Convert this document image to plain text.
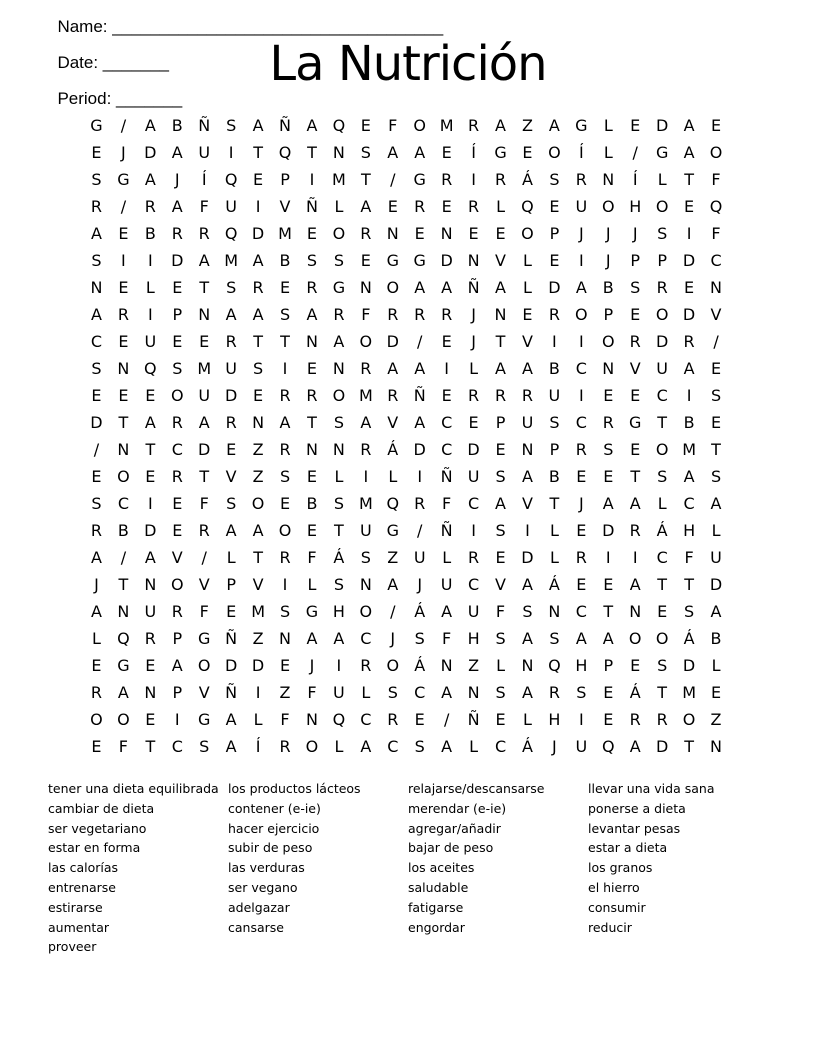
Name: ___________________________________

Date: _______

Period: _______

La Nutrición
G	/	A B Ñ S	A Ñ A Q E	F	O M R A Z A G	L	E D A	E
E	J	D A U	I	T Q T	N S	A A	E	Í	G E O	Í	L	/	G A O
S G A	J	Í	Q E	P	I	M T	/	G R	I	R Á	S	R N	Í	L	T	F
R	/	R A	F	U	I	V Ñ	L	A	E	R	E	R	L	Q E	U O H O E Q
A	E	B R R Q D M E O R N E N E	E O P	J	J	J	S	I	F
S	I	I	D A M A B	S	S	E G G D N V	L	E	I	J	P	P D C
N E	L	E	T	S	R	E	R G N O A A Ñ A	L	D A B	S	R	E N
A R	I	P	N A A	S	A R	F	R R R	J	N E	R O P	E O D V
C	E	U	E	E	R	T	T	N A O D	/	E	J	T	V	I	I	O R D R	/
S N Q S M U	S	I	E N R A A	I	L	A A B C N V U A	E
E	E	E O U D E	R R O M R Ñ E	R R R U	I	E	E	C	I	S
D T	A R A R N A	T	S	A V A C	E	P	U	S	C R G T	B	E
/	N	T	C D E	Z R N N R Á D C D E N	P	R	S	E O M T
E O E	R	T	V Z	S	E	L	I	L	I	Ñ U	S	A B	E	E	T	S	A	S
S	C	I	E	F	S O E	B	S M Q R	F	C A V	T	J	A A	L	C A
R B D E	R A A O E	T	U G	/	Ñ	I	S	I	L	E D R Á H	L
A	/	A V	/	L	T	R	F	Á	S	Z U	L	R	E D	L	R	I	I	C	F	U
J	T	N O V	P	V	I	L	S N A	J	U C V A Á	E	E	A	T	T D
A N U R	F	E M S G H O	/	Á A U	F	S N C	T	N E	S	A
L	Q R	P G Ñ Z N A A C	J	S	F	H S	A	S	A A O O Á B
E G E	A O D D E	J	I	R O Á N Z	L	N Q H	P	E	S D	L
R A N	P	V Ñ	I	Z	F	U	L	S	C A N S	A R	S	E	Á	T M E
O O E	I	G A	L	F	N Q C R	E	/	Ñ E	L	H	I	E	R R O Z
E	F	T	C	S	A	Í	R O	L	A C	S	A	L	C Á	J	U Q A D T	N
tener una dieta equilibrada
cambiar de dieta
ser vegetariano
estar en forma
las calorías
entrenarse
estirarse
aumentar
proveer
los productos lácteos
contener (e-ie)
hacer ejercicio
subir de peso
las verduras
ser vegano
adelgazar
cansarse
relajarse/descansarse
merendar (e-ie)
agregar/añadir
bajar de peso
los aceites
saludable
fatigarse
engordar
llevar una vida sana
ponerse a dieta
levantar pesas
estar a dieta
los granos
el hierro
consumir
reducir
